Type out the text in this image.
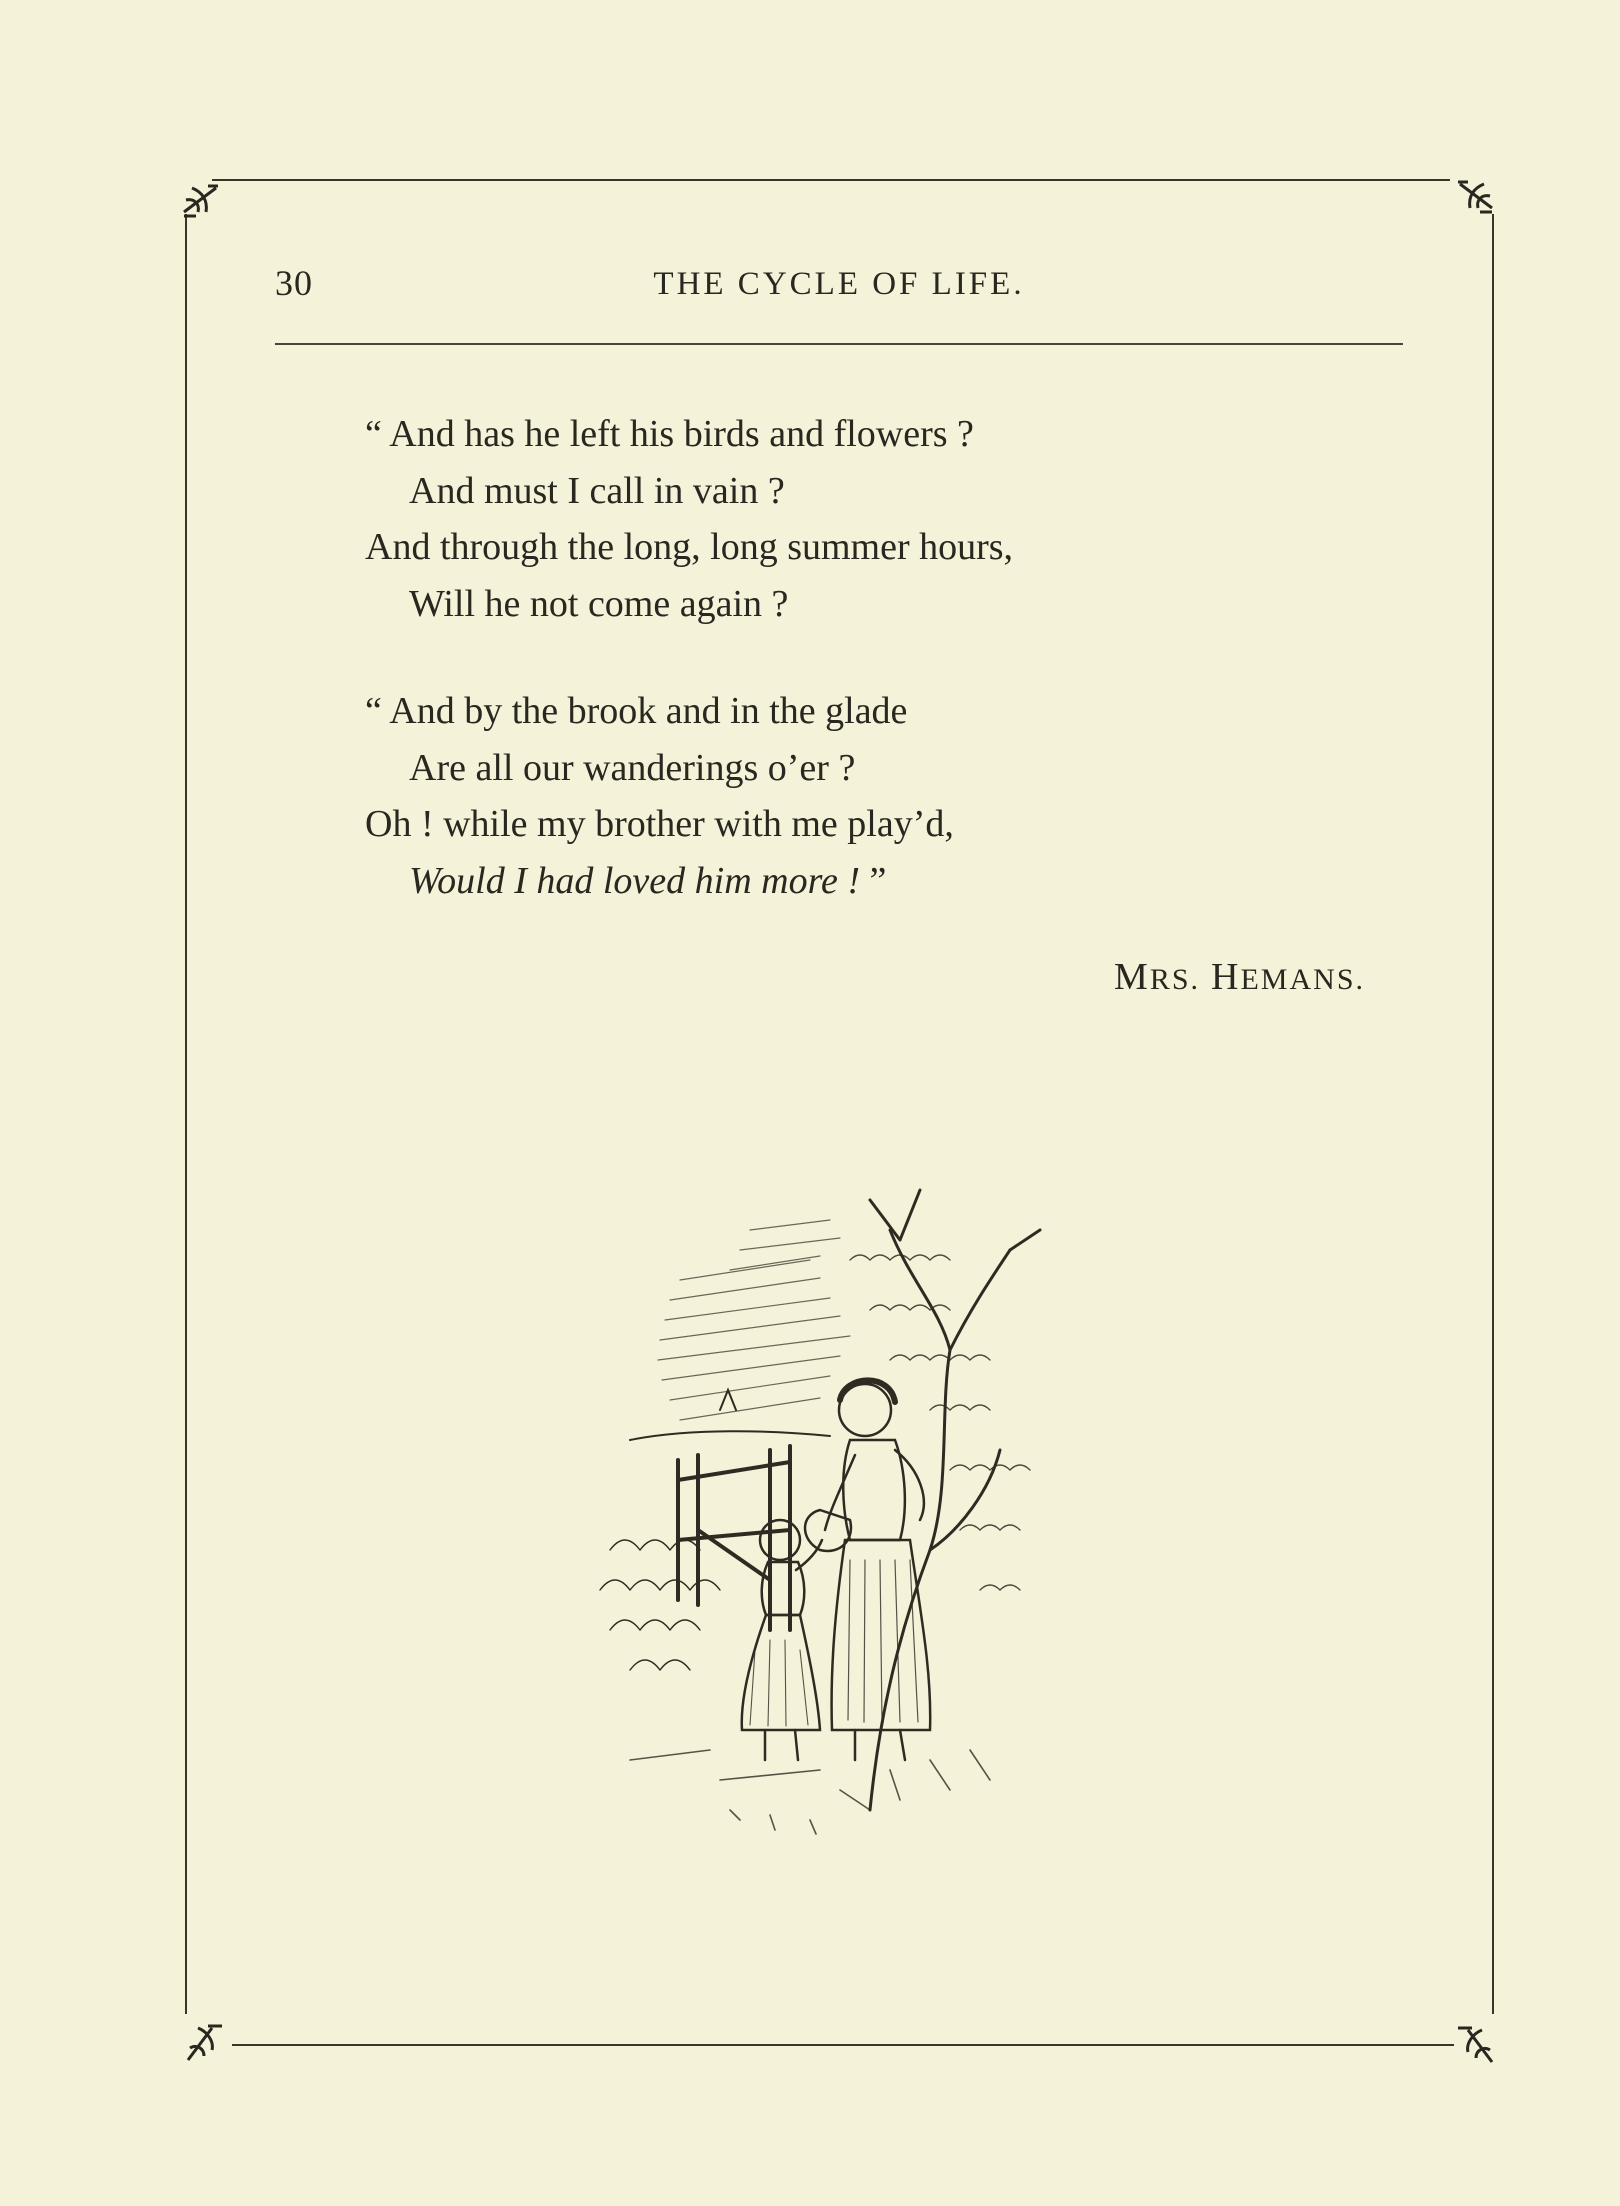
30	THE CYCLE OF LIFE.
“ And has he left his birds and flowers ?
And must I call in vain ?
And through the long, long summer hours,
Will he not come again ?
“ And by the brook and in the glade
Are all our wanderings o’er ?
Oh ! while my brother with me play’d,
Would I had loved him more ! ”
MRS. HEMANS.
